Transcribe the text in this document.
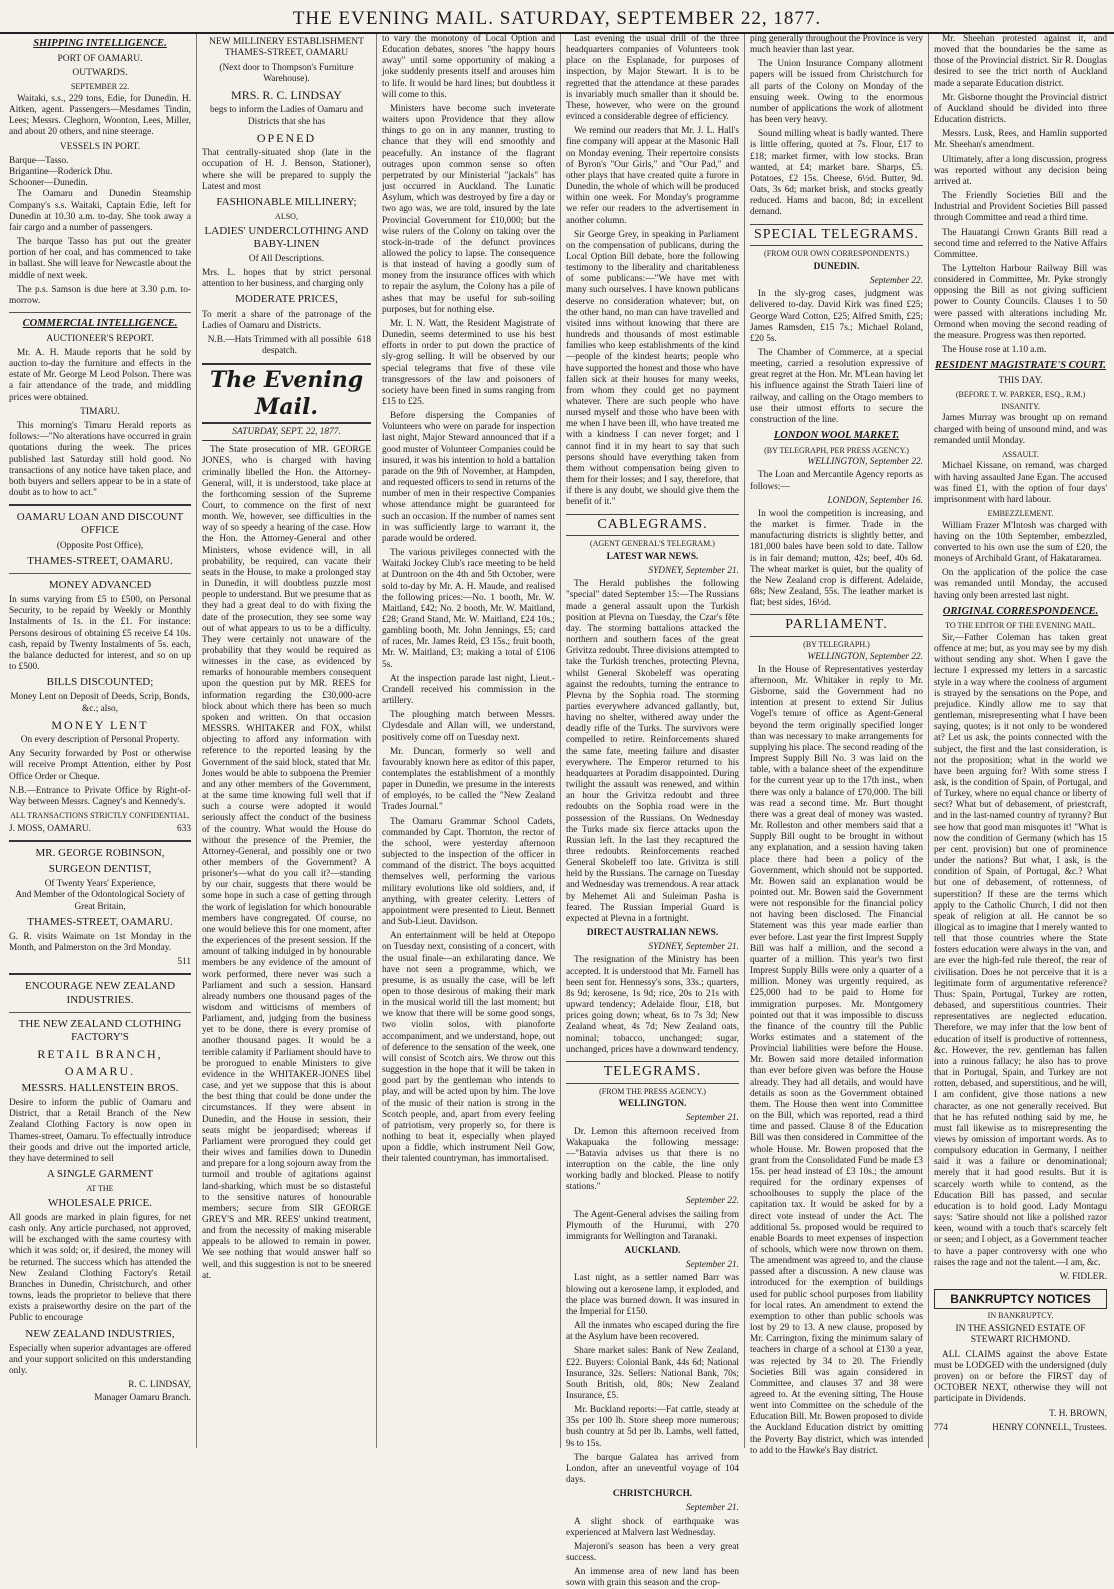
THE EVENING MAIL. SATURDAY, SEPTEMBER 22, 1877.
SHIPPING INTELLIGENCE.
PORT OF OAMARU.
OUTWARDS.
SEPTEMBER 22.

Waitaki, s.s., 229 tons, Edie, for Dunedin. H. Aitken, agent. Passengers—Mesdames Tindin, Lees; Messrs. Cleghorn, Woonton, Lees, Miller, and about 20 others, and nine steerage.

VESSELS IN PORT.
Barque—Tasso.
Brigantine—Roderick Dhu.
Schooner—Dunedin.

The Oamaru and Dunedin Steamship Company's s.s. Waitaki, Captain Edie, left for Dunedin at 10.30 a.m. to-day. She took away a fair cargo and a number of passengers.

The barque Tasso has put out the greater portion of her coal, and has commenced to take in ballast. She will leave for Newcastle about the middle of next week.

The p.s. Samson is due here at 3.30 p.m. to-morrow.

COMMERCIAL INTELLIGENCE.
AUCTIONEER'S REPORT.

Mr. A. H. Maude reports that he sold by auction to-day the furniture and effects in the estate of Mr. George M Leod Polson. There was a fair attendance of the trade, and middling prices were obtained.

TIMARU.

This morning's Timaru Herald reports as follows:—"No alterations have occurred in grain quotations during the week. The prices published last Saturday still hold good. No transactions of any notice have taken place, and both buyers and sellers appear to be in a state of doubt as to how to act."

OAMARU LOAN AND DISCOUNT OFFICE
(Opposite Post Office),
THAMES-STREET, OAMARU.
MONEY ADVANCED

In sums varying from £5 to £500, on Personal Security, to be repaid by Weekly or Monthly Instalments of 1s. in the £1. For instance: Persons desirous of obtaining £5 receive £4 10s. cash, repaid by Twenty Instalments of 5s. each, the balance deducted for interest, and so on up to £500.

BILLS DISCOUNTED;
Money Lent on Deposit of Deeds, Scrip, Bonds, &c.; also,
MONEY LENT
On every description of Personal Property.

Any Security forwarded by Post or otherwise will receive Prompt Attention, either by Post Office Order or Cheque.

N.B.—Entrance to Private Office by Right-of-Way between Messrs. Cagney's and Kennedy's.

ALL TRANSACTIONS STRICTLY CONFIDENTIAL.
J. MOSS, OAMARU.	633
MR. GEORGE ROBINSON,
SURGEON DENTIST,
Of Twenty Years' Experience,
And Member of the Odontological Society of Great Britain,
THAMES-STREET, OAMARU.

G. R. visits Waimate on 1st Monday in the Month, and Palmerston on the 3rd Monday.

511
ENCOURAGE NEW ZEALAND INDUSTRIES.
THE NEW ZEALAND CLOTHING FACTORY'S
RETAIL BRANCH,
OAMARU.
MESSRS. HALLENSTEIN BROS.

Desire to inform the public of Oamaru and District, that a Retail Branch of the New Zealand Clothing Factory is now open in Thames-street, Oamaru. To effectually introduce their goods and drive out the imported article, they have determined to sell

A SINGLE GARMENT
AT THE
WHOLESALE PRICE.

All goods are marked in plain figures, for net cash only. Any article purchased, not approved, will be exchanged with the same courtesy with which it was sold; or, if desired, the money will be returned. The success which has attended the New Zealand Clothing Factory's Retail Branches in Dunedin, Christchurch, and other towns, leads the proprietor to believe that there exists a praiseworthy desire on the part of the Public to encourage

NEW ZEALAND INDUSTRIES,

Especially when superior advantages are offered and your support solicited on this understanding only.

R. C. LINDSAY,
Manager Oamaru Branch.
NEW MILLINERY ESTABLISHMENT THAMES-STREET, OAMARU
(Next door to Thompson's Furniture Warehouse).
MRS. R. C. LINDSAY
begs to inform the Ladies of Oamaru and Districts that she has
OPENED

That centrally-situated shop (late in the occupation of H. J. Benson, Stationer), where she will be prepared to supply the Latest and most

FASHIONABLE MILLINERY;
ALSO,
LADIES' UNDERCLOTHING AND BABY-LINEN
Of All Descriptions.

Mrs. L. hopes that by strict personal attention to her business, and charging only

MODERATE PRICES,

To merit a share of the patronage of the Ladies of Oamaru and Districts.

N.B.—Hats Trimmed with all possible despatch.
618
The Evening Mail.
SATURDAY, SEPT. 22, 1877.

The State prosecution of MR. GEORGE JONES, who is charged with having criminally libelled the Hon. the Attorney-General, will, it is understood, take place at the forthcoming session of the Supreme Court, to commence on the first of next month. We, however, see difficulties in the way of so speedy a hearing of the case. How the Hon. the Attorney-General and other Ministers, whose evidence will, in all probability, be required, can vacate their seats in the House, to make a prolonged stay in Dunedin, it will doubtless puzzle most people to understand. But we presume that as they had a great deal to do with fixing the date of the prosecution, they see some way out of what appears to us to be a difficulty. They were certainly not unaware of the probability that they would be required as witnesses in the case, as evidenced by remarks of honourable members consequent upon the question put by MR. REES for information regarding the £30,000-acre block about which there has been so much spoken and written. On that occasion MESSRS. WHITAKER and FOX, whilst objecting to afford any information with reference to the reported leasing by the Government of the said block, stated that Mr. Jones would be able to subpoena the Premier and any other members of the Government, at the same time knowing full well that if such a course were adopted it would seriously affect the conduct of the business of the country. What would the House do without the presence of the Premier, the Attorney-General, and possibly one or two other members of the Government? A prisoner's—what do you call it?—standing by our chair, suggests that there would be some hope in such a case of getting through the work of legislation for which honourable members have congregated. Of course, no one would believe this for one moment, after the experiences of the present session. If the amount of talking indulged in by honourable members be any evidence of the amount of work performed, there never was such a Parliament and such a session. Hansard already numbers one thousand pages of the wisdom and witticisms of members of Parliament, and, judging from the business yet to be done, there is every promise of another thousand pages. It would be a terrible calamity if Parliament should have to be prorogued to enable Ministers to give evidence in the WHITAKER-JONES libel case, and yet we suppose that this is about the best thing that could be done under the circumstances. If they were absent in Dunedin, and the House in session, their seats might be jeopardised; whereas if Parliament were prorogued they could get their wives and families down to Dunedin and prepare for a long sojourn away from the turmoil and trouble of agitations against land-sharking, which must be so distasteful to the sensitive natures of honourable members; secure from SIR GEORGE GREY'S and MR. REES' unkind treatment, and from the necessity of making miserable appeals to be allowed to remain in power. We see nothing that would answer half so well, and this suggestion is not to be sneered at.

to vary the monotony of Local Option and Education debates, snores "the happy hours away" until some opportunity of making a joke suddenly presents itself and arouses him to life. It would be hard lines; but doubtless it will come to this.

Ministers have become such inveterate waiters upon Providence that they allow things to go on in any manner, trusting to chance that they will end smoothly and peacefully. An instance of the flagrant outrages upon common sense so often perpetrated by our Ministerial "jackals" has just occurred in Auckland. The Lunatic Asylum, which was destroyed by fire a day or two ago was, we are told, insured by the late Provincial Government for £10,000; but the wise rulers of the Colony on taking over the stock-in-trade of the defunct provinces allowed the policy to lapse. The consequence is that instead of having a goodly sum of money from the insurance offices with which to repair the asylum, the Colony has a pile of ashes that may be useful for sub-soiling purposes, but for nothing else.

Mr. I. N. Watt, the Resident Magistrate of Dunedin, seems determined to use his best efforts in order to put down the practice of sly-grog selling. It will be observed by our special telegrams that five of these vile transgressors of the law and poisoners of society have been fined in sums ranging from £15 to £25.

Before dispersing the Companies of Volunteers who were on parade for inspection last night, Major Steward announced that if a good muster of Volunteer Companies could be insured, it was his intention to hold a battalion parade on the 9th of November, at Hampden, and requested officers to send in returns of the number of men in their respective Companies whose attendance might be guaranteed for such an occasion. If the number of names sent in was sufficiently large to warrant it, the parade would be ordered.

The various privileges connected with the Waitaki Jockey Club's race meeting to be held at Duntroon on the 4th and 5th October, were sold to-day by Mr. A. H. Maude, and realised the following prices:—No. 1 booth, Mr. W. Maitland, £42; No. 2 booth, Mr. W. Maitland, £28; Grand Stand, Mr. W. Maitland, £24 10s.; gambling booth, Mr. John Jennings, £5; card of races, Mr. James Reid, £3 15s.; fruit booth, Mr. W. Maitland, £3; making a total of £106 5s.

At the inspection parade last night, Lieut.-Crandell received his commission in the artillery.

The ploughing match between Messrs. Clydesdale and Allan will, we understand, positively come off on Tuesday next.

Mr. Duncan, formerly so well and favourably known here as editor of this paper, contemplates the establishment of a monthly paper in Dunedin, we presume in the interests of employés, to be called the "New Zealand Trades Journal."

The Oamaru Grammar School Cadets, commanded by Capt. Thornton, the rector of the school, were yesterday afternoon subjected to the inspection of the officer in command of the district. The boys acquitted themselves well, performing the various military evolutions like old soldiers, and, if anything, with greater celerity. Letters of appointment were presented to Lieut. Bennett and Sub-Lieut. Davidson.

An entertainment will be held at Otepopo on Tuesday next, consisting of a concert, with the usual finale—an exhilarating dance. We have not seen a programme, which, we presume, is as usually the case, will be left open to those desirous of making their mark in the musical world till the last moment; but we know that there will be some good songs, two violin solos, with pianoforte accompaniment, and we understand, hope, out of deference to the sensation of the week, one will consist of Scotch airs. We throw out this suggestion in the hope that it will be taken in good part by the gentleman who intends to play, and will be acted upon by him. The love of the music of their nation is strong in the Scotch people, and, apart from every feeling of patriotism, very properly so, for there is nothing to beat it, especially when played upon a fiddle, which instrument Neil Gow, their talented countryman, has immortalised.

Last evening the usual drill of the three headquarters companies of Volunteers took place on the Esplanade, for purposes of inspection, by Major Stewart. It is to be regretted that the attendance at these parades is invariably much smaller than it should be. These, however, who were on the ground evinced a considerable degree of efficiency.

We remind our readers that Mr. J. L. Hall's fine company will appear at the Masonic Hall on Monday evening. Their repertoire consists of Byron's "Our Girls," and "Our Pad," and other plays that have created quite a furore in Dunedin, the whole of which will be produced within one week. For Monday's programme we refer our readers to the advertisement in another column.

Sir George Grey, in speaking in Parliament on the compensation of publicans, during the Local Option Bill debate, bore the following testimony to the liberality and charitableness of some publicans:—"We have met with many such ourselves. I have known publicans deserve no consideration whatever; but, on the other hand, no man can have travelled and visited inns without knowing that there are hundreds and thousands of most estimable families who keep establishments of the kind—people of the kindest hearts; people who have supported the honest and those who have fallen sick at their houses for many weeks, from whom they could get no payment whatever. There are such people who have nursed myself and those who have been with me when I have been ill, who have treated me with a kindness I can never forget; and I cannot find it in my heart to say that such persons should have everything taken from them without compensation being given to them for their losses; and I say, therefore, that if there is any doubt, we should give them the benefit of it."

CABLEGRAMS.
(AGENT GENERAL'S TELEGRAM.)
LATEST WAR NEWS.
SYDNEY, September 21.

The Herald publishes the following "special" dated September 15:—The Russians made a general assault upon the Turkish position at Plevna on Tuesday, the Czar's fête day. The storming battalions attacked the northern and southern faces of the great Grivitza redoubt. Three divisions attempted to take the Turkish trenches, protecting Plevna, whilst General Skobeleff was operating against the redoubts, turning the entrance to Plevna by the Sophia road. The storming parties everywhere advanced gallantly, but, having no shelter, withered away under the deadly rifle of the Turks. The survivors were compelled to retire. Reinforcements shared the same fate, meeting failure and disaster everywhere. The Emperor returned to his headquarters at Poradim disappointed. During twilight the assault was renewed, and within an hour the Grivitza redoubt and three redoubts on the Sophia road were in the possession of the Russians. On Wednesday the Turks made six fierce attacks upon the Russian left. In the last they recaptured the three redoubts. Reinforcements reached General Skobeleff too late. Grivitza is still held by the Russians. The carnage on Tuesday and Wednesday was tremendous. A rear attack by Mehemet Ali and Suleiman Pasha is feared. The Russian Imperial Guard is expected at Plevna in a fortnight.

DIRECT AUSTRALIAN NEWS.
SYDNEY, September 21.

The resignation of the Ministry has been accepted. It is understood that Mr. Farnell has been sent for. Hennessy's sons, 33s.; quarters, 8s 9d; kerosene, 1s 9d; rice, 20s to 21s with upward tendency; Adelaide flour, £18, but prices going down; wheat, 6s to 7s 3d; New Zealand wheat, 4s 7d; New Zealand oats, nominal; tobacco, unchanged; sugar, unchanged, prices have a downward tendency.

TELEGRAMS.
(FROM THE PRESS AGENCY.)
WELLINGTON.
September 21.

Dr. Lemon this afternoon received from Wakapuaka the following message:—"Batavia advises us that there is no interruption on the cable, the line only working badly and blocked. Please to notify stations."

September 22.

The Agent-General advises the sailing from Plymouth of the Hurunui, with 270 immigrants for Wellington and Taranaki.

AUCKLAND.
September 21.

Last night, as a settler named Barr was blowing out a kerosene lamp, it exploded, and the place was burned down. It was insured in the Imperial for £150.

All the inmates who escaped during the fire at the Asylum have been recovered.

Share market sales: Bank of New Zealand, £22. Buyers: Colonial Bank, 44s 6d; National Insurance, 32s. Sellers: National Bank, 70s; South British, old, 80s; New Zealand Insurance, £5.

Mr. Buckland reports:—Fat cattle, steady at 35s per 100 lb. Store sheep more numerous; bush country at 5d per lb. Lambs, well fatted, 9s to 15s.

The barque Galatea has arrived from London, after an uneventful voyage of 104 days.

CHRISTCHURCH.
September 21.

A slight shock of earthquake was experienced at Malvern last Wednesday.

Majeroni's season has been a very great success.

An immense area of new land has been sown with grain this season and the crop-

ping generally throughout the Province is very much heavier than last year.

The Union Insurance Company allotment papers will be issued from Christchurch for all parts of the Colony on Monday of the ensuing week. Owing to the enormous number of applications the work of allotment has been very heavy.

Sound milling wheat is badly wanted. There is little offering, quoted at 7s. Flour, £17 to £18; market firmer, with low stocks. Bran wanted, at £4; market bare. Sharps, £5. Potatoes, £2 15s. Cheese, 6½d. Butter, 9d. Oats, 3s 6d; market brisk, and stocks greatly reduced. Hams and bacon, 8d; in excellent demand.

SPECIAL TELEGRAMS.
(FROM OUR OWN CORRESPONDENTS.)
DUNEDIN.
September 22.

In the sly-grog cases, judgment was delivered to-day. David Kirk was fined £25; George Ward Cotton, £25; Alfred Smith, £25; James Ramsden, £15 7s.; Michael Roland, £20 5s.

The Chamber of Commerce, at a special meeting, carried a resolution expressive of great regret at the Hon. Mr. M'Lean having let his influence against the Strath Taieri line of railway, and calling on the Otago members to use their utmost efforts to secure the construction of the line.

LONDON WOOL MARKET.
(BY TELEGRAPH, PER PRESS AGENCY.)
WELLINGTON, September 22.

The Loan and Mercantile Agency reports as follows:—

LONDON, September 16.

In wool the competition is increasing, and the market is firmer. Trade in the manufacturing districts is slightly better, and 181,000 bales have been sold to date. Tallow is in fair demand; mutton, 42s; beef, 40s 6d. The wheat market is quiet, but the quality of the New Zealand crop is different. Adelaide, 68s; New Zealand, 55s. The leather market is flat; best sides, 16½d.

PARLIAMENT.
(BY TELEGRAPH.)
WELLINGTON, September 22.

In the House of Representatives yesterday afternoon, Mr. Whitaker in reply to Mr. Gisborne, said the Government had no intention at present to extend Sir Julius Vogel's tenure of office as Agent-General beyond the term originally specified longer than was necessary to make arrangements for supplying his place. The second reading of the Imprest Supply Bill No. 3 was laid on the table, with a balance sheet of the expenditure for the current year up to the 17th inst., when there was only a balance of £70,000. The bill was read a second time. Mr. Burt thought there was a great deal of money was wasted. Mr. Rolleston and other members said that a Supply Bill ought to be brought in without any explanation, and a session having taken place there had been a policy of the Government, which should not be supported. Mr. Bowen said an explanation would be pointed out. Mr. Bowen said the Government were not responsible for the financial policy not having been disclosed. The Financial Statement was this year made earlier than ever before. Last year the first Imprest Supply Bill was half a million, and the second a quarter of a million. This year's two first Imprest Supply Bills were only a quarter of a million. Money was urgently required, as £25,000 had to be paid to Home for immigration purposes. Mr. Montgomery pointed out that it was impossible to discuss the finance of the country till the Public Works estimates and a statement of the Provincial liabilities were before the House. Mr. Bowen said more detailed information than ever before given was before the House already. They had all details, and would have details as soon as the Government obtained them. The House then went into Committee on the Bill, which was reported, read a third time and passed. Clause 8 of the Education Bill was then considered in Committee of the whole House. Mr. Bowen proposed that the grant from the Consolidated Fund be made £3 15s. per head instead of £3 10s.; the amount required for the ordinary expenses of schoolhouses to supply the place of the capitation tax. It would be asked for by a direct vote instead of under the Act. The additional 5s. proposed would be required to enable Boards to meet expenses of inspection of schools, which were now thrown on them. The amendment was agreed to, and the clause passed after a discussion. A new clause was introduced for the exemption of buildings used for public school purposes from liability for local rates. An amendment to extend the exemption to other than public schools was lost by 29 to 13. A new clause, proposed by Mr. Carrington, fixing the minimum salary of teachers in charge of a school at £130 a year, was rejected by 34 to 20. The Friendly Societies Bill was again considered in Committee, and clauses 37 and 38 were agreed to. At the evening sitting, The House went into Committee on the schedule of the Education Bill. Mr. Bowen proposed to divide the Auckland Education district by omitting the Poverty Bay district, which was intended to add to the Hawke's Bay district.

Mr. Sheehan protested against it, and moved that the boundaries be the same as those of the Provincial district. Sir R. Douglas desired to see the trict north of Auckland made a separate Education district.

Mr. Gisborne thought the Provincial district of Auckland should be divided into three Education districts.

Messrs. Lusk, Rees, and Hamlin supported Mr. Sheehan's amendment.

Ultimately, after a long discussion, progress was reported without any decision being arrived at.

The Friendly Societies Bill and the Industrial and Provident Societies Bill passed through Committee and read a third time.

The Hauatangi Crown Grants Bill read a second time and referred to the Native Affairs Committee.

The Lyttelton Harbour Railway Bill was considered in Committee, Mr. Pyke strongly opposing the Bill as not giving sufficient power to County Councils. Clauses 1 to 50 were passed with alterations including Mr. Ormond when moving the second reading of the measure. Progress was then reported.

The House rose at 1.10 a.m.

RESIDENT MAGISTRATE'S COURT.
THIS DAY.
(BEFORE T. W. PARKER, ESQ., R.M.)
INSANITY.

James Murray was brought up on remand charged with being of unsound mind, and was remanded until Monday.

ASSAULT.

Michael Kissane, on remand, was charged with having assaulted Jane Egan. The accused was fined £1, with the option of four days' imprisonment with hard labour.

EMBEZZLEMENT.

William Frazer M'Intosh was charged with having on the 10th September, embezzled, converted to his own use the sum of £20, the moneys of Archibald Grant, of Hakataramea.

On the application of the police the case was remanded until Monday, the accused having only been arrested last night.

ORIGINAL CORRESPONDENCE.
TO THE EDITOR OF THE EVENING MAIL.

Sir,—Father Coleman has taken great offence at me; but, as you may see by my dish without sending any shot. When I gave the lecture I expressed my letters in a sarcastic style in a way where the coolness of argument is strayed by the sensations on the Pope, and prejudice. Kindly allow me to say that gentleman, misrepresenting what I have been saying, quotes; is it not only to be wondered at? Let us ask, the points connected with the subject, the first and the last consideration, is not the proposition; what in the world we have been arguing for? With some stress I ask, is the condition of Spain, of Portugal, and of Turkey, where no equal chance or liberty of sect? What but of debasement, of priestcraft, and in the last-named country of tyranny? But see how that good man misquotes it! "What is now the condition of Germany (which has 15 per cent. provision) but one of prominence under the nations? But what, I ask, is the condition of Spain, of Portugal, &c.? What but one of debasement, of rottenness, of superstition? If these are the terms which apply to the Catholic Church, I did not then speak of religion at all. He cannot be so illogical as to imagine that I merely wanted to tell that those countries where the State fosters education were always in the van, and are ever the high-fed rule thereof, the rear of civilisation. Does he not perceive that it is a legitimate form of argumentative reference? Thus: Spain, Portugal, Turkey are rotten, debased, and superstitious countries. Their representatives are neglected education. Therefore, we may infer that the low bent of education of itself is productive of rottenness, &c. However, the rev. gentleman has fallen into a ruinous fallacy; he also has to prove that in Portugal, Spain, and Turkey are not rotten, debased, and superstitious, and he will, I am confident, give those nations a new character, as one not generally received. But that he has refuted nothing said by me, he must fall likewise as to misrepresenting the views by omission of important words. As to compulsory education in Germany, I neither said it was a failure or denominational; merely that it had good results. But it is scarcely worth while to contend, as the Education Bill has passed, and secular education is to hold good. Lady Montagu says: 'Satire should not like a polished razor keen, wound with a touch that's scarcely felt or seen; and I object, as a Government teacher to have a paper controversy with one who raises the rage and not the talent.—I am, &c.

W. FIDLER.
BANKRUPTCY NOTICES
IN BANKRUPTCY.
IN THE ASSIGNED ESTATE OF STEWART RICHMOND.

ALL CLAIMS against the above Estate must be LODGED with the undersigned (duly proven) on or before the FIRST day of OCTOBER NEXT, otherwise they will not participate in Dividends.

T. H. BROWN,
774	HENRY CONNELL, Trustees.
